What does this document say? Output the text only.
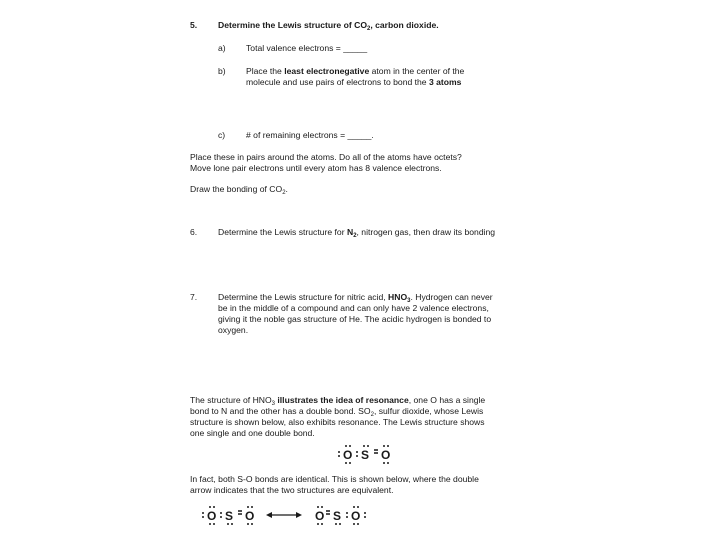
5. Determine the Lewis structure of $CO_2$, carbon dioxide.
a) Total valence electrons = _____
b) Place the least electronegative atom in the center of the
molecule and use pairs of electrons to bond the 3 atoms
c) # of remaining electrons = _____.
Place these in pairs around the atoms. Do all of the atoms have octets?
Move lone pair electrons until every atom has 8 valence electrons.
Draw the bonding of $CO_2$.
6. Determine the Lewis structure for $N_2$, nitrogen gas, then draw its bonding
7. Determine the Lewis structure for nitric acid, $HNO_3$. Hydrogen can never
be in the middle of a compound and can only have 2 valence electrons,
giving it the noble gas structure of He. The acidic hydrogen is bonded to
oxygen.
The structure of $HNO_3$ illustrates the idea of resonance, one O has a single
bond to N and the other has a double bond. $SO_2$, sulfur dioxide, whose Lewis
structure is shown below, also exhibits resonance. The Lewis structure shows
one single and one double bond.
O S O
In fact, both S-O bonds are identical. This is shown below, where the double
arrow indicates that the two structures are equivalent.
O S O	O S O
